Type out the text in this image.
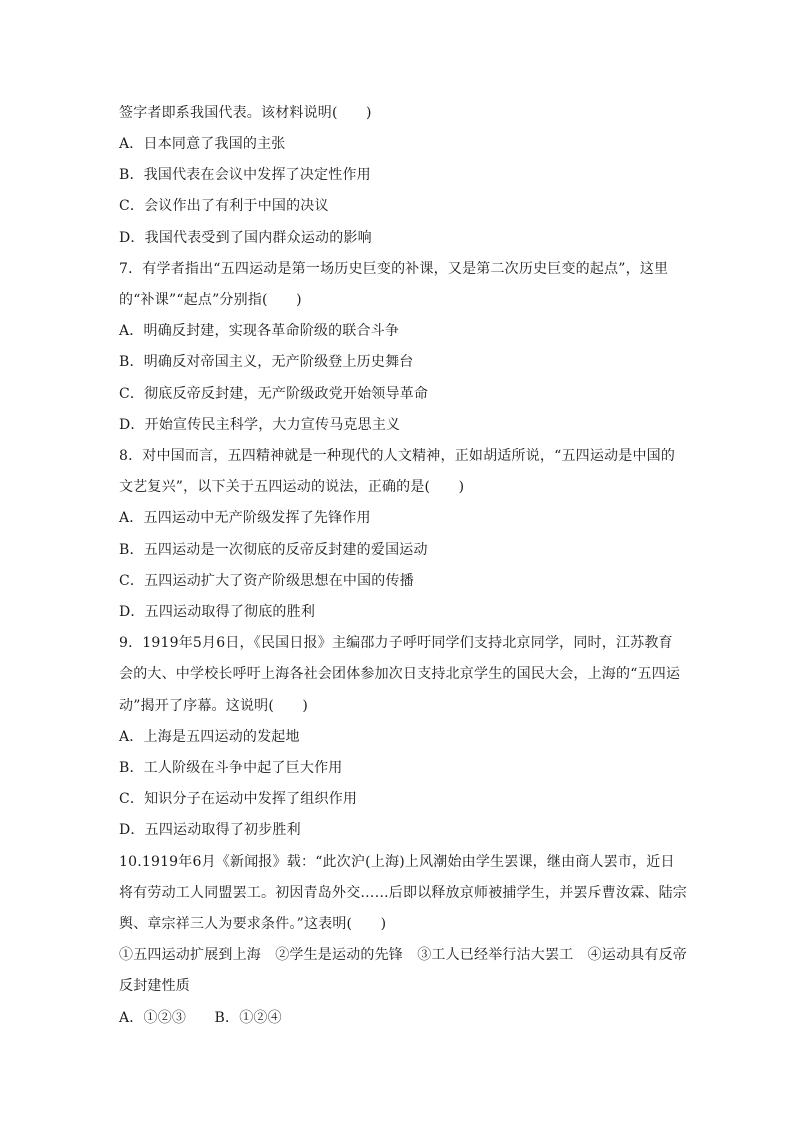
签字者即系我国代表。该材料说明(　　)
A．日本同意了我国的主张
B．我国代表在会议中发挥了决定性作用
C．会议作出了有利于中国的决议
D．我国代表受到了国内群众运动的影响
7．有学者指出“五四运动是第一场历史巨变的补课，又是第二次历史巨变的起点”，这里
的“补课”“起点”分别指(　　)
A．明确反封建，实现各革命阶级的联合斗争
B．明确反对帝国主义，无产阶级登上历史舞台
C．彻底反帝反封建，无产阶级政党开始领导革命
D．开始宣传民主科学，大力宣传马克思主义
8．对中国而言，五四精神就是一种现代的人文精神，正如胡适所说，“五四运动是中国的
文艺复兴”，以下关于五四运动的说法，正确的是(　　)
A．五四运动中无产阶级发挥了先锋作用
B．五四运动是一次彻底的反帝反封建的爱国运动
C．五四运动扩大了资产阶级思想在中国的传播
D．五四运动取得了彻底的胜利
9．1919年5月6日，《民国日报》主编邵力子呼吁同学们支持北京同学，同时，江苏教育
会的大、中学校长呼吁上海各社会团体参加次日支持北京学生的国民大会，上海的“五四运
动”揭开了序幕。这说明(　　)
A．上海是五四运动的发起地
B．工人阶级在斗争中起了巨大作用
C．知识分子在运动中发挥了组织作用
D．五四运动取得了初步胜利
10.1919年6月《新闻报》载：“此次沪(上海)上风潮始由学生罢课，继由商人罢市，近日
将有劳动工人同盟罢工。初因青岛外交……后即以释放京师被捕学生，并罢斥曹汝霖、陆宗
舆、章宗祥三人为要求条件。”这表明(　　)
①五四运动扩展到上海　②学生是运动的先锋　③工人已经举行沽大罢工　④运动具有反帝
反封建性质
A．①②③　　B．①②④
